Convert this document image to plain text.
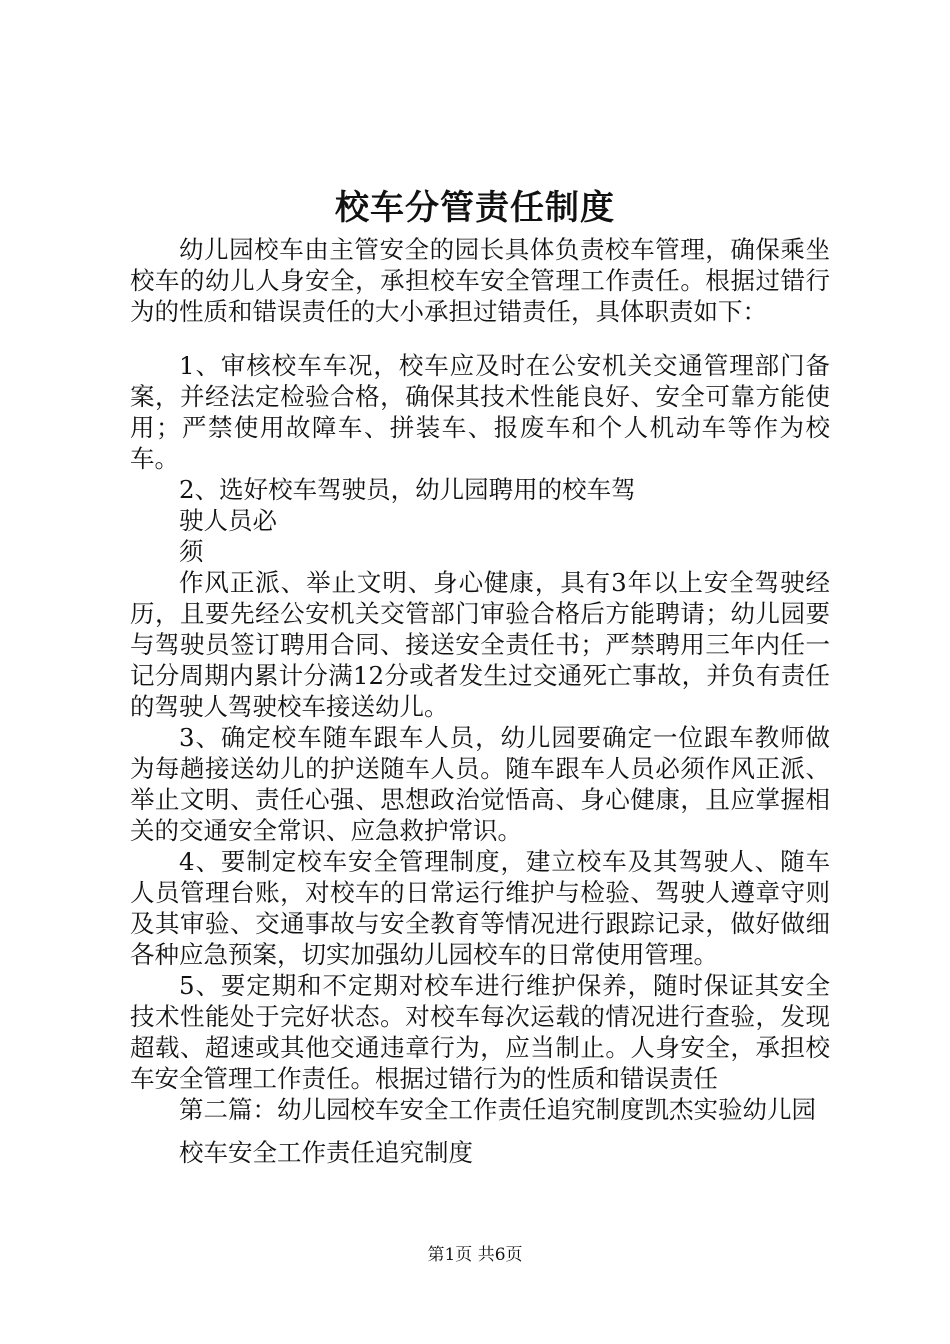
校车分管责任制度

幼儿园校车由主管安全的园长具体负责校车管理，确保乘坐校车的幼儿人身安全，承担校车安全管理工作责任。根据过错行为的性质和错误责任的大小承担过错责任，具体职责如下：

1、审核校车车况，校车应及时在公安机关交通管理部门备案，并经法定检验合格，确保其技术性能良好、安全可靠方能使用；严禁使用故障车、拼装车、报废车和个人机动车等作为校车。

2、选好校车驾驶员，幼儿园聘用的校车驾

驶人员必

须

作风正派、举止文明、身心健康，具有3年以上安全驾驶经历，且要先经公安机关交管部门审验合格后方能聘请；幼儿园要与驾驶员签订聘用合同、接送安全责任书；严禁聘用三年内任一记分周期内累计分满12分或者发生过交通死亡事故，并负有责任的驾驶人驾驶校车接送幼儿。

3、确定校车随车跟车人员，幼儿园要确定一位跟车教师做为每趟接送幼儿的护送随车人员。随车跟车人员必须作风正派、举止文明、责任心强、思想政治觉悟高、身心健康，且应掌握相关的交通安全常识、应急救护常识。

4、要制定校车安全管理制度，建立校车及其驾驶人、随车人员管理台账，对校车的日常运行维护与检验、驾驶人遵章守则及其审验、交通事故与安全教育等情况进行跟踪记录，做好做细各种应急预案，切实加强幼儿园校车的日常使用管理。

5、要定期和不定期对校车进行维护保养，随时保证其安全技术性能处于完好状态。对校车每次运载的情况进行查验，发现超载、超速或其他交通违章行为，应当制止。人身安全，承担校车安全管理工作责任。根据过错行为的性质和错误责任

第二篇：幼儿园校车安全工作责任追究制度凯杰实验幼儿园

校车安全工作责任追究制度

第1页 共6页
